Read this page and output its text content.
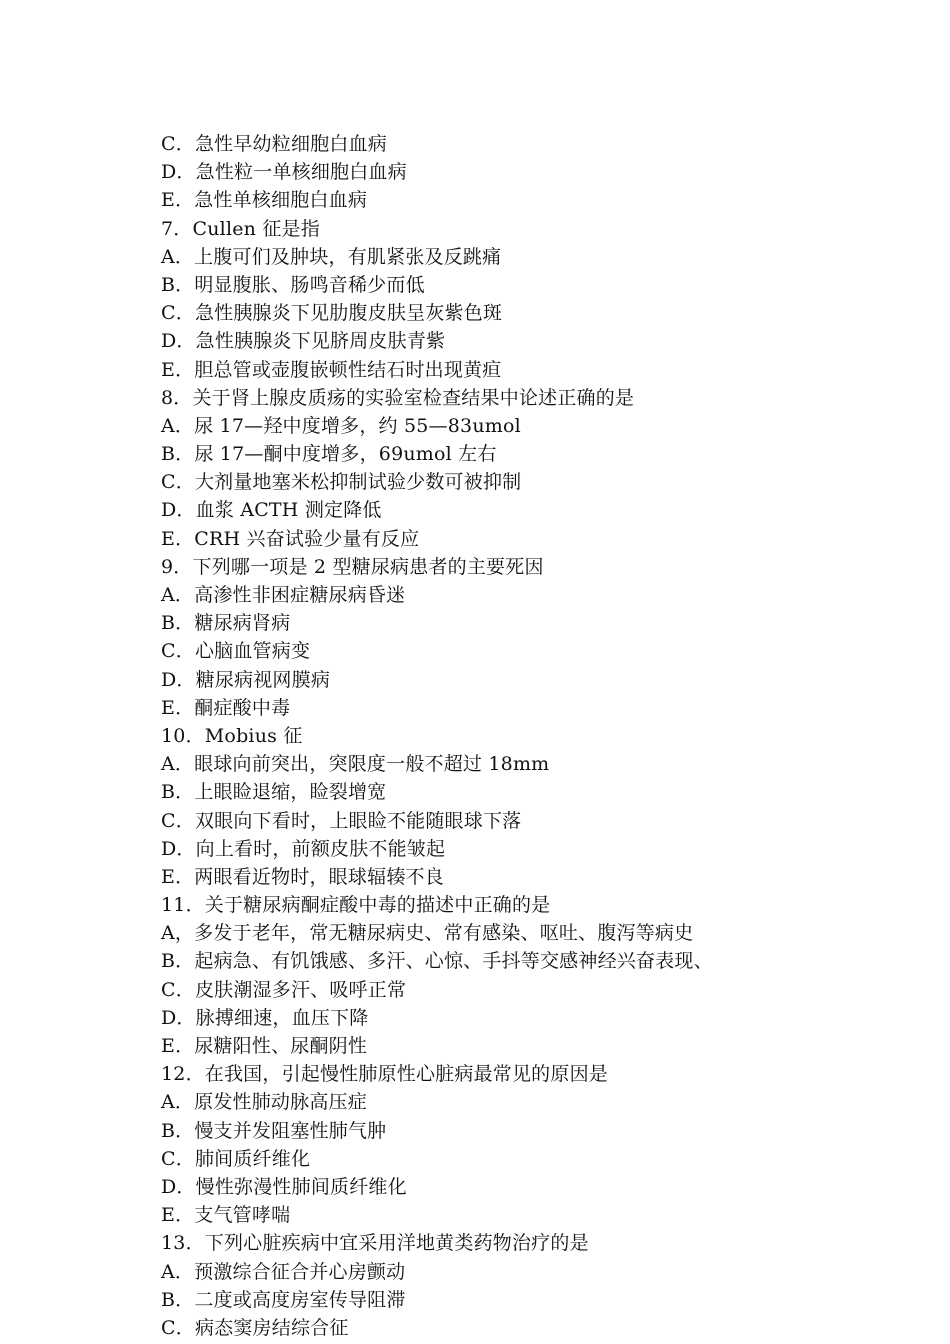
C．急性早幼粒细胞白血病
D．急性粒一单核细胞白血病
E．急性单核细胞白血病
7．Cullen 征是指
A．上腹可们及肿块，有肌紧张及反跳痛
B．明显腹胀、肠鸣音稀少而低
C．急性胰腺炎下见肋腹皮肤呈灰紫色斑
D．急性胰腺炎下见脐周皮肤青紫
E．胆总管或壶腹嵌顿性结石时出现黄疸
8．关于肾上腺皮质疡的实验室检查结果中论述正确的是
A．尿 17—羟中度增多，约 55—83umol
B．尿 17—酮中度增多，69umol 左右
C．大剂量地塞米松抑制试验少数可被抑制
D．血浆 ACTH 测定降低
E．CRH 兴奋试验少量有反应
9．下列哪一项是 2 型糖尿病患者的主要死因
A．高渗性非困症糖尿病昏迷
B．糖尿病肾病
C．心脑血管病变
D．糖尿病视网膜病
E．酮症酸中毒
10．Mobius 征
A．眼球向前突出，突限度一般不超过 18mm
B．上眼睑退缩，睑裂增宽
C．双眼向下看时，上眼睑不能随眼球下落
D．向上看时，前额皮肤不能皱起
E．两眼看近物时，眼球辐辏不良
11．关于糖尿病酮症酸中毒的描述中正确的是
A，多发于老年，常无糖尿病史、常有感染、呕吐、腹泻等病史
B．起病急、有饥饿感、多汗、心惊、手抖等交感神经兴奋表现、
C．皮肤潮湿多汗、吸呼正常
D．脉搏细速，血压下降
E．尿糖阳性、尿酮阴性
12．在我国，引起慢性肺原性心脏病最常见的原因是
A．原发性肺动脉高压症
B．慢支并发阻塞性肺气肿
C．肺间质纤维化
D．慢性弥漫性肺间质纤维化
E．支气管哮喘
13．下列心脏疾病中宜采用洋地黄类药物治疗的是
A．预激综合征合并心房颤动
B．二度或高度房室传导阻滞
C．病态窦房结综合征
